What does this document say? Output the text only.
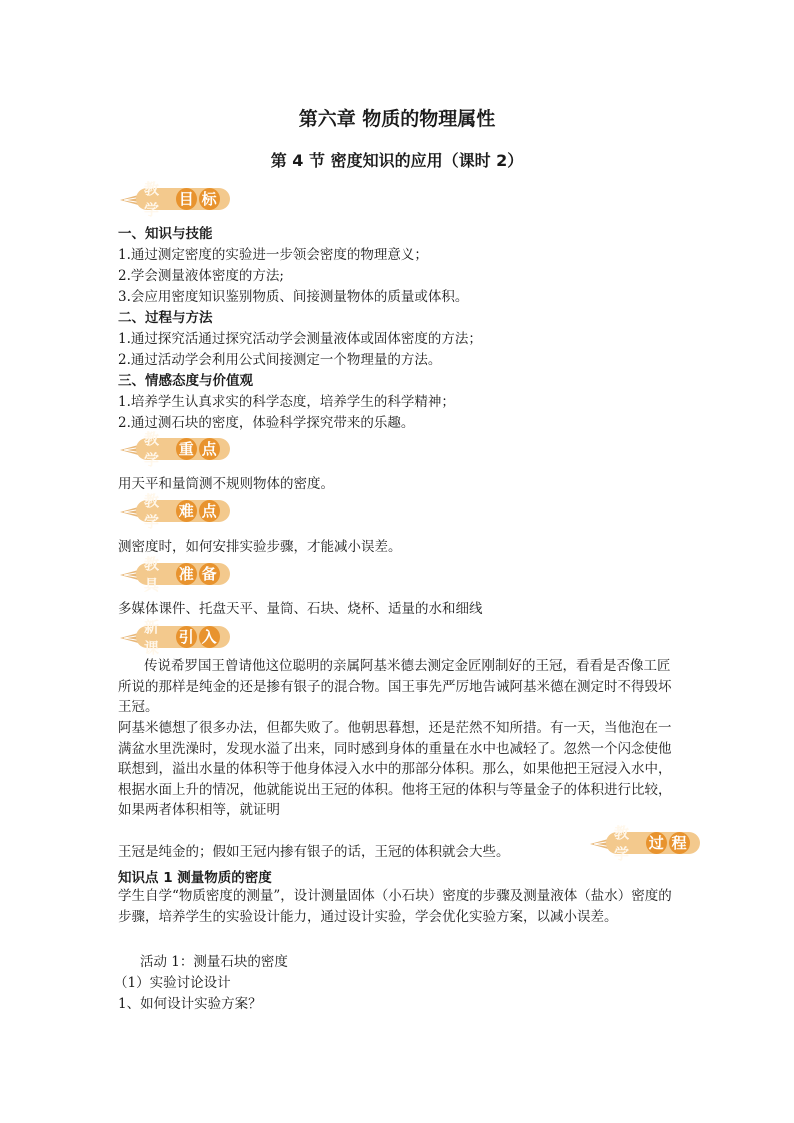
第六章 物质的物理属性
第 4 节 密度知识的应用（课时 2）
教学
目 标
一、知识与技能
1.通过测定密度的实验进一步领会密度的物理意义；
2.学会测量液体密度的方法;
3.会应用密度知识鉴别物质、间接测量物体的质量或体积。
二、过程与方法
1.通过探究活通过探究活动学会测量液体或固体密度的方法；
2.通过活动学会利用公式间接测定一个物理量的方法。
三、情感态度与价值观
1.培养学生认真求实的科学态度，培养学生的科学精神；
2.通过测石块的密度，体验科学探究带来的乐趣。
教学
重 点
用天平和量筒测不规则物体的密度。
教学
难 点
测密度时，如何安排实验步骤，才能减小误差。
教具
准 备
多媒体课件、托盘天平、量筒、石块、烧杯、适量的水和细线
新课
引 入
传说希罗国王曾请他这位聪明的亲属阿基米德去测定金匠刚制好的王冠，看看是否像工匠所说的那样是纯金的还是掺有银子的混合物。国王事先严厉地告诫阿基米德在测定时不得毁坏王冠。
阿基米德想了很多办法，但都失败了。他朝思暮想，还是茫然不知所措。有一天，当他泡在一满盆水里洗澡时，发现水溢了出来，同时感到身体的重量在水中也减轻了。忽然一个闪念使他联想到，溢出水量的体积等于他身体浸入水中的那部分体积。那么，如果他把王冠浸入水中，根据水面上升的情况，他就能说出王冠的体积。他将王冠的体积与等量金子的体积进行比较，如果两者体积相等，就证明
王冠是纯金的；假如王冠内掺有银子的话，王冠的体积就会大些。
教学
过 程
知识点 1 测量物质的密度
学生自学“物质密度的测量”，设计测量固体（小石块）密度的步骤及测量液体（盐水）密度的步骤，培养学生的实验设计能力，通过设计实验，学会优化实验方案，以减小误差。
活动 1：测量石块的密度
（1）实验讨论设计
1、如何设计实验方案？
